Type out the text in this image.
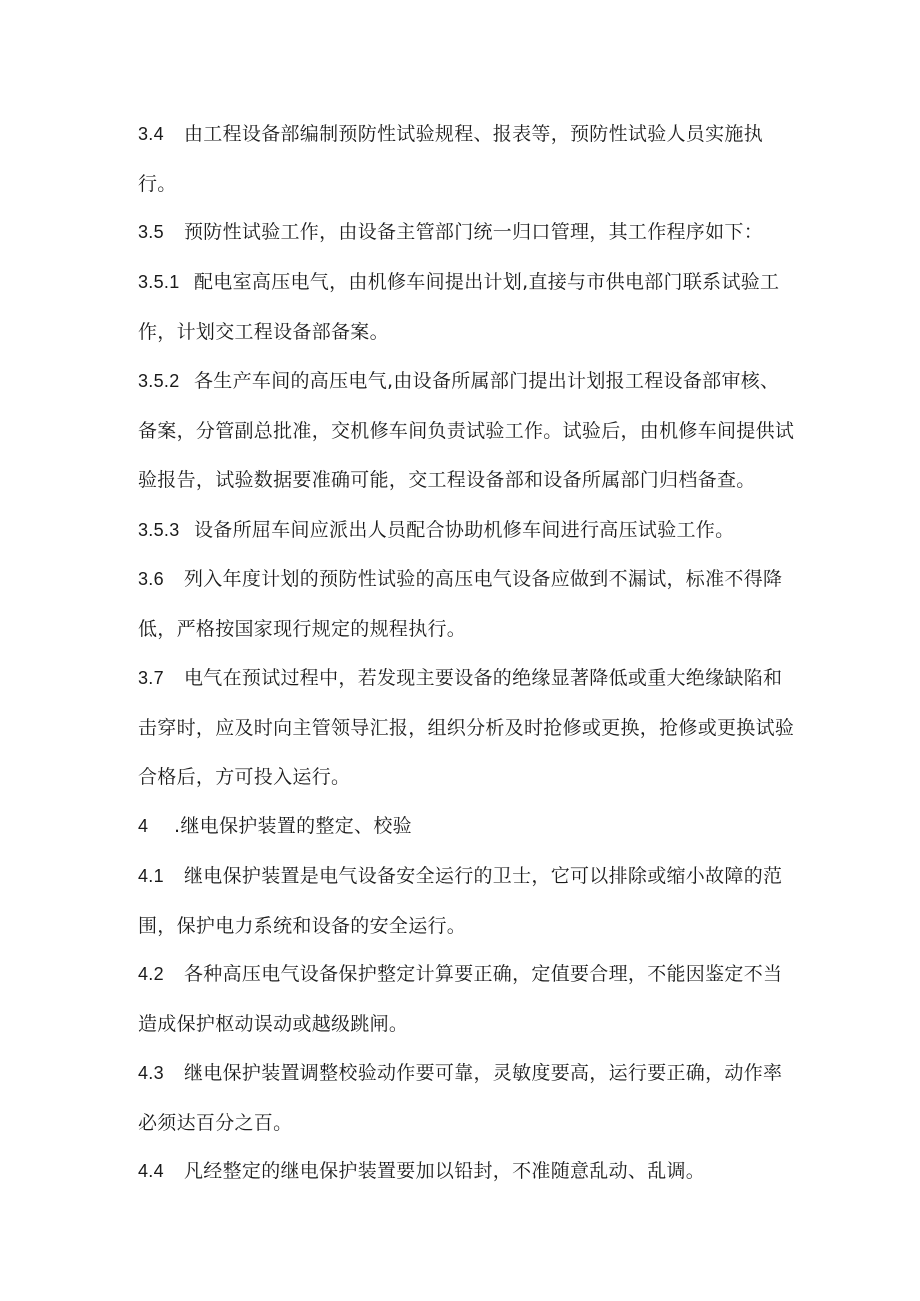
3.4 由工程设备部编制预防性试验规程、报表等，预防性试验人员实施执行。

3.5 预防性试验工作，由设备主管部门统一归口管理，其工作程序如下：

3.5.1 配电室高压电气，由机修车间提出计划,直接与市供电部门联系试验工作，计划交工程设备部备案。

3.5.2 各生产车间的高压电气,由设备所属部门提出计划报工程设备部审核、备案，分管副总批准，交机修车间负责试验工作。试验后，由机修车间提供试验报告，试验数据要准确可能，交工程设备部和设备所属部门归档备查。

3.5.3 设备所屈车间应派出人员配合协助机修车间进行高压试验工作。

3.6 列入年度计划的预防性试验的高压电气设备应做到不漏试，标准不得降低，严格按国家现行规定的规程执行。

3.7 电气在预试过程中，若发现主要设备的绝缘显著降低或重大绝缘缺陷和击穿时，应及时向主管领导汇报，组织分析及时抢修或更换，抢修或更换试验合格后，方可投入运行。

4 .继电保护装置的整定、校验

4.1 继电保护装置是电气设备安全运行的卫士，它可以排除或缩小故障的范围，保护电力系统和设备的安全运行。

4.2 各种高压电气设备保护整定计算要正确，定值要合理，不能因鉴定不当造成保护枢动误动或越级跳闸。

4.3 继电保护装置调整校验动作要可靠，灵敏度要高，运行要正确，动作率必须达百分之百。

4.4 凡经整定的继电保护装置要加以铅封，不准随意乱动、乱调。
